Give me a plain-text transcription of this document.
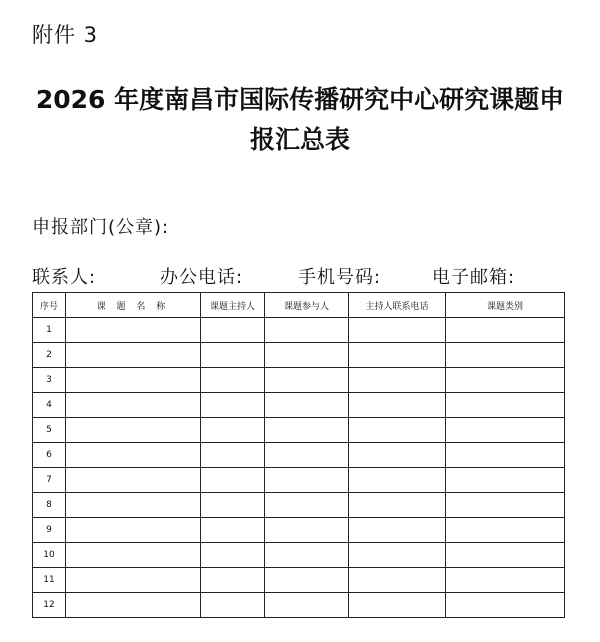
附件 3
2026 年度南昌市国际传播研究中心研究课题申
报汇总表
申报部门(公章):
联系人:	办公电话:	手机号码:	电子邮箱:
序号	课 题 名 称	课题主持人	课题参与人	主持人联系电话	课题类别
1					
2					
3					
4					
5					
6					
7					
8					
9					
10					
11					
12					
